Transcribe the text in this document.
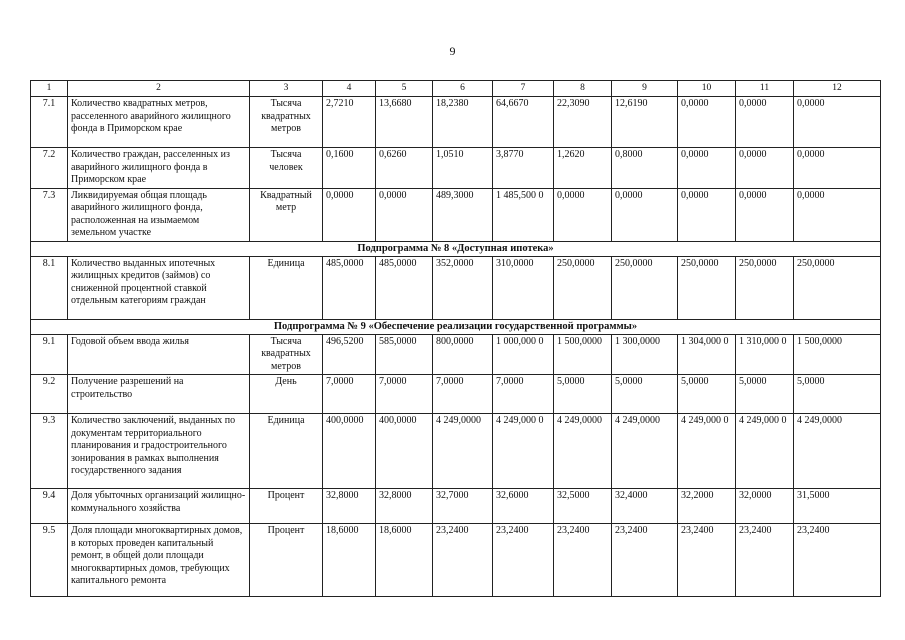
9
1	2	3	4	5	6	7	8	9	10	11	12
7.1	Количество квадратных метров, расселенного аварийного жилищного фонда в Приморском крае	Тысяча квадратных метров	2,7210	13,6680	18,2380	64,6670	22,3090	12,6190	0,0000	0,0000	0,0000
7.2	Количество граждан, расселенных из аварийного жилищного фонда в Приморском крае	Тысяча человек	0,1600	0,6260	1,0510	3,8770	1,2620	0,8000	0,0000	0,0000	0,0000
7.3	Ликвидируемая общая площадь аварийного жилищного фонда, расположенная на изымаемом земельном участке	Квадратный метр	0,0000	0,0000	489,3000	1 485,500 0	0,0000	0,0000	0,0000	0,0000	0,0000
Подпрограмма № 8 «Доступная ипотека»											
8.1	Количество выданных ипотечных жилищных кредитов (займов) со сниженной процентной ставкой отдельным категориям граждан	Единица	485,0000	485,0000	352,0000	310,0000	250,0000	250,0000	250,0000	250,0000	250,0000
Подпрограмма № 9 «Обеспечение реализации государственной программы»											
9.1	Годовой объем ввода жилья	Тысяча квадратных метров	496,5200	585,0000	800,0000	1 000,000 0	1 500,0000	1 300,0000	1 304,000 0	1 310,000 0	1 500,0000
9.2	Получение разрешений на строительство	День	7,0000	7,0000	7,0000	7,0000	5,0000	5,0000	5,0000	5,0000	5,0000
9.3	Количество заключений, выданных по документам территориального планирования и градостроительного зонирования в рамках выполнения государственного задания	Единица	400,0000	400,0000	4 249,0000	4 249,000 0	4 249,0000	4 249,0000	4 249,000 0	4 249,000 0	4 249,0000
9.4	Доля убыточных организаций жилищно-коммунального хозяйства	Процент	32,8000	32,8000	32,7000	32,6000	32,5000	32,4000	32,2000	32,0000	31,5000
9.5	Доля площади многоквартирных домов, в которых проведен капитальный ремонт, в общей доли площади многоквартирных домов, требующих капитального ремонта	Процент	18,6000	18,6000	23,2400	23,2400	23,2400	23,2400	23,2400	23,2400	23,2400
